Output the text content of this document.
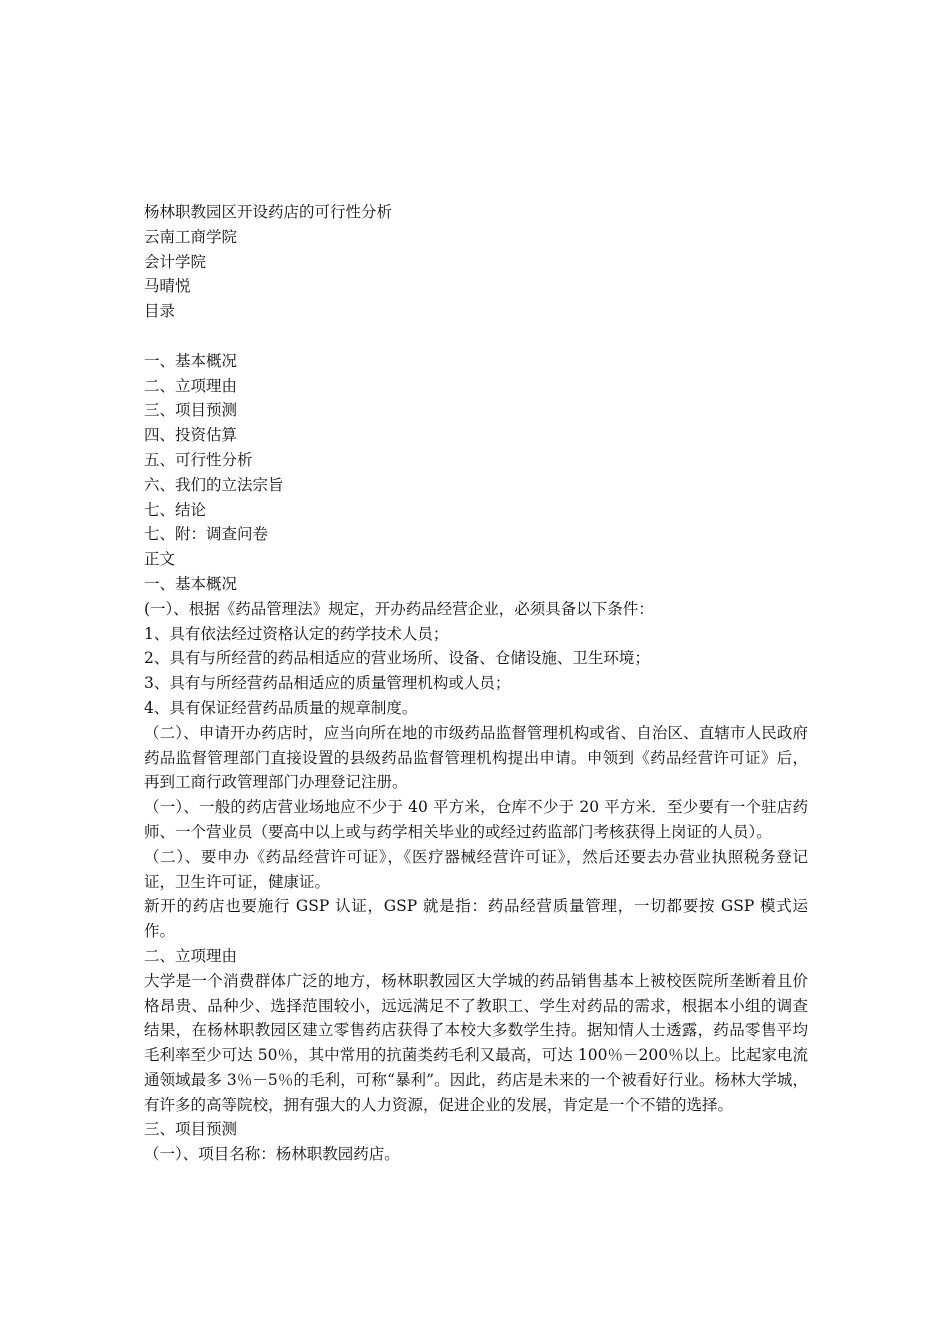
杨林职教园区开设药店的可行性分析
云南工商学院
会计学院
马晴悦
目录
一、基本概况
二、立项理由
三、项目预测
四、投资估算
五、可行性分析
六、我们的立法宗旨
七、结论
七、附：调查问卷
正文
一、基本概况
(一）、根据《药品管理法》规定，开办药品经营企业，必须具备以下条件：
1、具有依法经过资格认定的药学技术人员；
2、具有与所经营的药品相适应的营业场所、设备、仓储设施、卫生环境；
3、具有与所经营药品相适应的质量管理机构或人员；
4、具有保证经营药品质量的规章制度。
（二）、申请开办药店时，应当向所在地的市级药品监督管理机构或省、自治区、直辖市人民政府药品监督管理部门直接设置的县级药品监督管理机构提出申请。申领到《药品经营许可证》后，再到工商行政管理部门办理登记注册。
（一）、一般的药店营业场地应不少于 40 平方米，仓库不少于 20 平方米．至少要有一个驻店药师、一个营业员（要高中以上或与药学相关毕业的或经过药监部门考核获得上岗证的人员）。
（二）、要申办《药品经营许可证》，《医疗器械经营许可证》，然后还要去办营业执照税务登记证，卫生许可证，健康证。
新开的药店也要施行 GSP 认证，GSP 就是指：药品经营质量管理，一切都要按 GSP 模式运作。
二、立项理由
大学是一个消费群体广泛的地方，杨林职教园区大学城的药品销售基本上被校医院所垄断着且价格昂贵、品种少、选择范围较小，远远满足不了教职工、学生对药品的需求，根据本小组的调查结果，在杨林职教园区建立零售药店获得了本校大多数学生持。据知情人士透露，药品零售平均毛利率至少可达 50％，其中常用的抗菌类药毛利又最高，可达 100％－200％以上。比起家电流通领域最多 3％－5％的毛利，可称“暴利”。因此，药店是未来的一个被看好行业。杨林大学城，有许多的高等院校，拥有强大的人力资源，促进企业的发展，肯定是一个不错的选择。
三、项目预测
（一）、项目名称：杨林职教园药店。
